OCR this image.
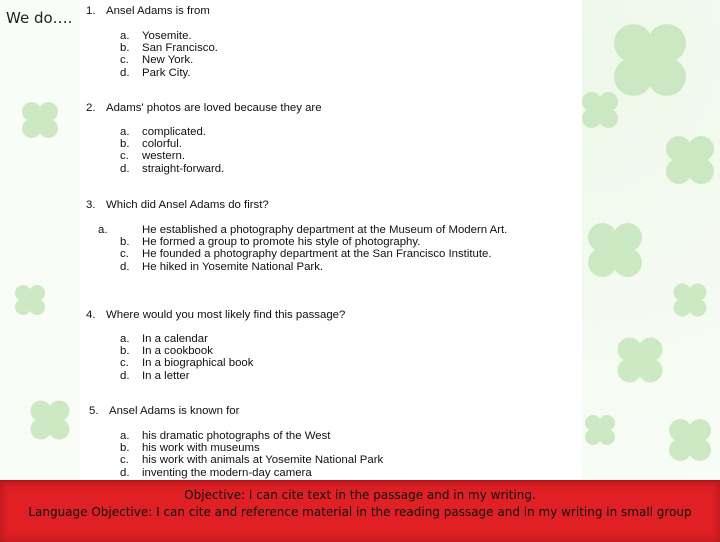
We do…. 1. Ansel Adams is from
a. Yosemite.
b. San Francisco.
c. New York.
d. Park City.
2. Adams' photos are loved because they are
a. complicated.
b. colorful.
c. western.
d. straight-forward.
3. Which did Ansel Adams do first?
a.	He established a photography department at the Museum of Modern Art.
b. He formed a group to promote his style of photography.
c. He founded a photography department at the San Francisco Institute.
d. He hiked in Yosemite National Park.
4. Where would you most likely find this passage?
a. In a calendar
b. In a cookbook
c. In a biographical book
d. In a letter
5. Ansel Adams is known for
a. his dramatic photographs of the West
b. his work with museums
c. his work with animals at Yosemite National Park
d. inventing the modern-day camera
Objective: I can cite text in the passage and in my writing.
Language Objective: I can cite and reference material in the reading passage and in my writing in small group
